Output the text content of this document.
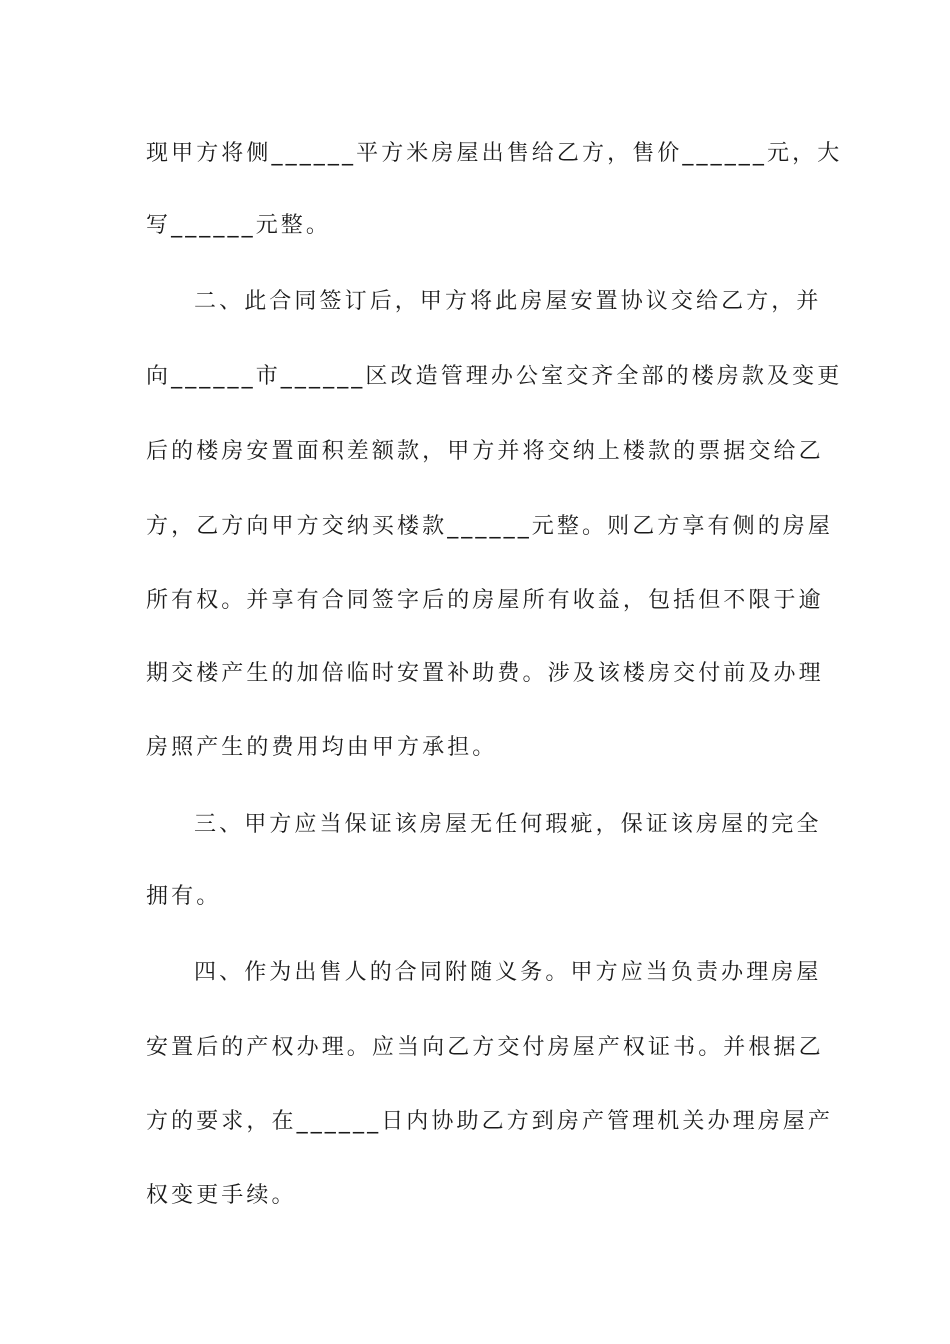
现甲方将侧______平方米房屋出售给乙方，售价______元，大
写______元整。
二、此合同签订后，甲方将此房屋安置协议交给乙方，并
向______市______区改造管理办公室交齐全部的楼房款及变更
后的楼房安置面积差额款，甲方并将交纳上楼款的票据交给乙
方，乙方向甲方交纳买楼款______元整。则乙方享有侧的房屋
所有权。并享有合同签字后的房屋所有收益，包括但不限于逾
期交楼产生的加倍临时安置补助费。涉及该楼房交付前及办理
房照产生的费用均由甲方承担。
三、甲方应当保证该房屋无任何瑕疵，保证该房屋的完全
拥有。
四、作为出售人的合同附随义务。甲方应当负责办理房屋
安置后的产权办理。应当向乙方交付房屋产权证书。并根据乙
方的要求，在______日内协助乙方到房产管理机关办理房屋产
权变更手续。
